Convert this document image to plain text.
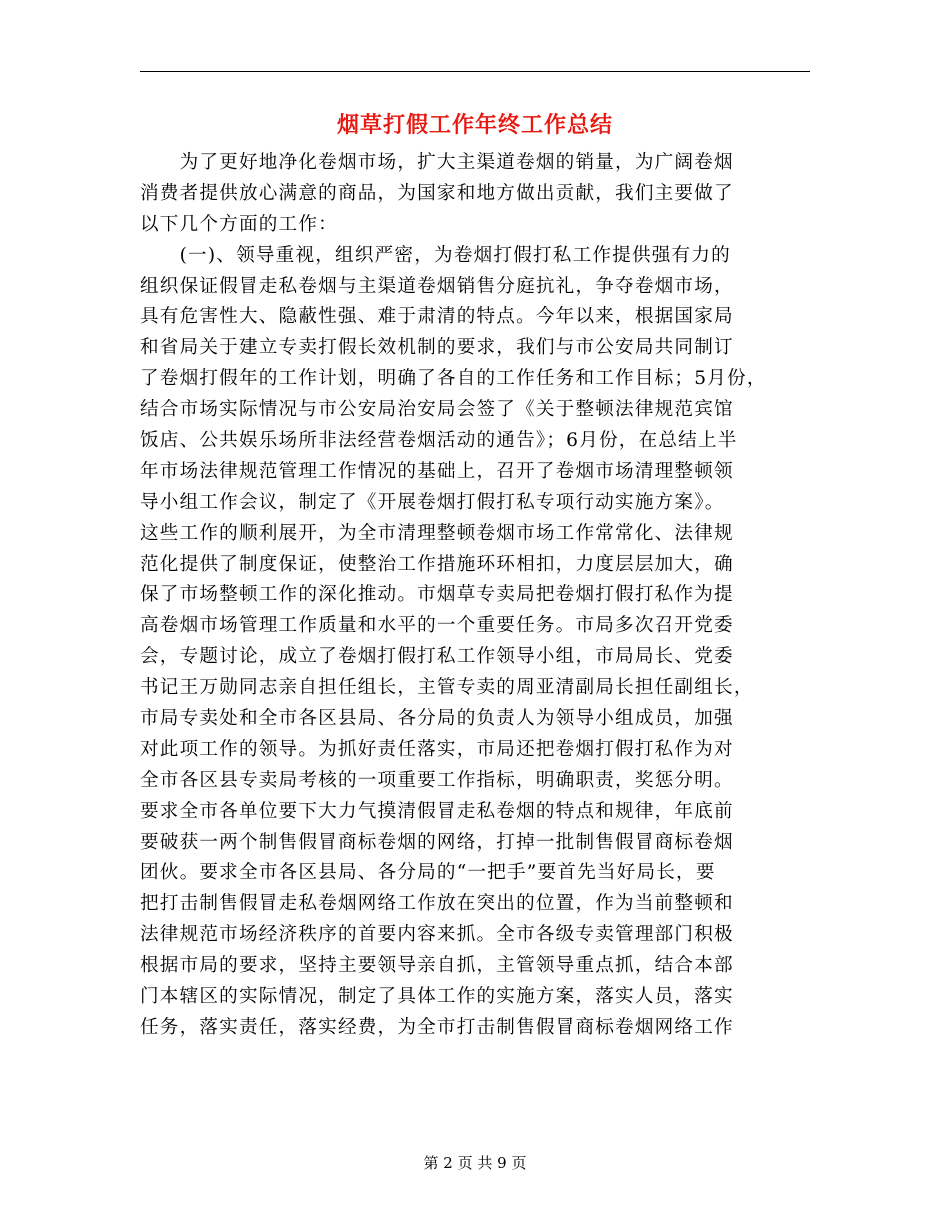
烟草打假工作年终工作总结
　　为了更好地净化卷烟市场，扩大主渠道卷烟的销量，为广阔卷烟
消费者提供放心满意的商品，为国家和地方做出贡献，我们主要做了
以下几个方面的工作：
　　(一)、领导重视，组织严密，为卷烟打假打私工作提供强有力的
组织保证假冒走私卷烟与主渠道卷烟销售分庭抗礼，争夺卷烟市场，
具有危害性大、隐蔽性强、难于肃清的特点。今年以来，根据国家局
和省局关于建立专卖打假长效机制的要求，我们与市公安局共同制订
了卷烟打假年的工作计划，明确了各自的工作任务和工作目标；5月份，
结合市场实际情况与市公安局治安局会签了《关于整顿法律规范宾馆
饭店、公共娱乐场所非法经营卷烟活动的通告》；6月份，在总结上半
年市场法律规范管理工作情况的基础上，召开了卷烟市场清理整顿领
导小组工作会议，制定了《开展卷烟打假打私专项行动实施方案》。
这些工作的顺利展开，为全市清理整顿卷烟市场工作常常化、法律规
范化提供了制度保证，使整治工作措施环环相扣，力度层层加大，确
保了市场整顿工作的深化推动。市烟草专卖局把卷烟打假打私作为提
高卷烟市场管理工作质量和水平的一个重要任务。市局多次召开党委
会，专题讨论，成立了卷烟打假打私工作领导小组，市局局长、党委
书记王万勋同志亲自担任组长，主管专卖的周亚清副局长担任副组长，
市局专卖处和全市各区县局、各分局的负责人为领导小组成员，加强
对此项工作的领导。为抓好责任落实，市局还把卷烟打假打私作为对
全市各区县专卖局考核的一项重要工作指标，明确职责，奖惩分明。
要求全市各单位要下大力气摸清假冒走私卷烟的特点和规律，年底前
要破获一两个制售假冒商标卷烟的网络，打掉一批制售假冒商标卷烟
团伙。要求全市各区县局、各分局的“一把手”要首先当好局长，要
把打击制售假冒走私卷烟网络工作放在突出的位置，作为当前整顿和
法律规范市场经济秩序的首要内容来抓。全市各级专卖管理部门积极
根据市局的要求，坚持主要领导亲自抓，主管领导重点抓，结合本部
门本辖区的实际情况，制定了具体工作的实施方案，落实人员，落实
任务，落实责任，落实经费，为全市打击制售假冒商标卷烟网络工作
第 2 页 共 9 页
